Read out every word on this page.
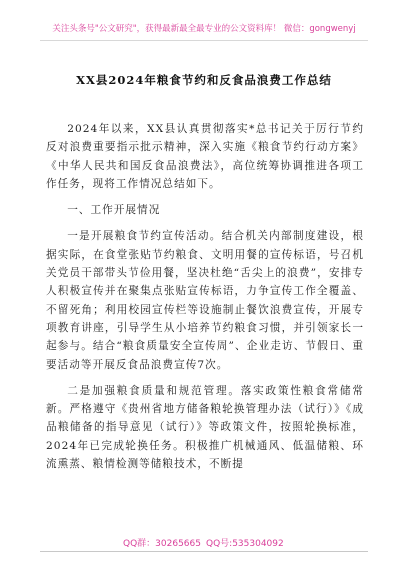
关注头条号"公文研究"，获得最新最全最专业的公文资料库！ 微信：gongwenyj
XX县2024年粮食节约和反食品浪费工作总结

2024年以来，XX县认真贯彻落实*总书记关于厉行节约反对浪费重要指示批示精神，深入实施《粮食节约行动方案》《中华人民共和国反食品浪费法》，高位统筹协调推进各项工作任务，现将工作情况总结如下。

一、工作开展情况

一是开展粮食节约宣传活动。结合机关内部制度建设，根据实际，在食堂张贴节约粮食、文明用餐的宣传标语，号召机关党员干部带头节俭用餐，坚决杜绝“舌尖上的浪费”，安排专人积极宣传并在聚集点张贴宣传标语，力争宣传工作全覆盖、不留死角；利用校园宣传栏等设施制止餐饮浪费宣传，开展专项教育讲座，引导学生从小培养节约粮食习惯，并引领家长一起参与。结合“粮食质量安全宣传周”、企业走访、节假日、重要活动等开展反食品浪费宣传7次。

二是加强粮食质量和规范管理。落实政策性粮食常储常新。严格遵守《贵州省地方储备粮轮换管理办法（试行）》《成品粮储备的指导意见（试行）》等政策文件，按照轮换标准，2024年已完成轮换任务。积极推广机械通风、低温储粮、环流熏蒸、粮情检测等储粮技术，不断提

QQ群：30265665 QQ号:535304092
